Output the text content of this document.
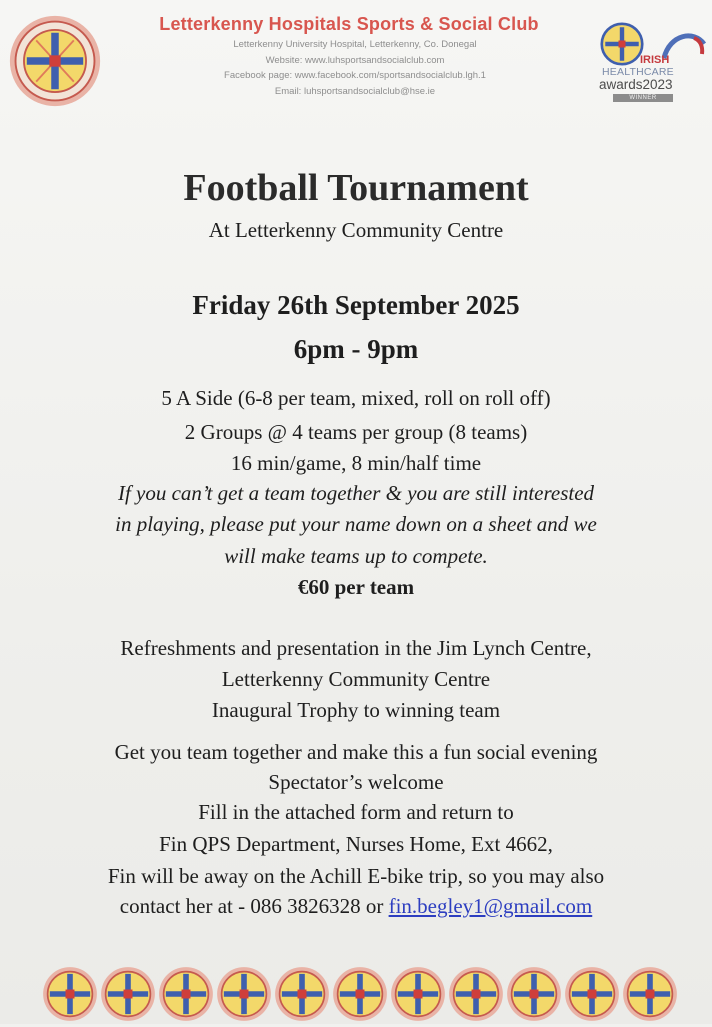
Letterkenny Hospitals Sports & Social Club
Letterkenny University Hospital, Letterkenny, Co. Donegal
Website: www.luhsportsandsocialclub.com
Facebook page: www.facebook.com/sportsandsocialclub.lgh.1
Email: luhsportsandsocialclub@hse.ie
IRISH
HEALTHCARE
awards2023
WINNER
Football Tournament
At Letterkenny Community Centre
Friday 26th September 2025
6pm - 9pm
5 A Side (6-8 per team, mixed, roll on roll off)
2 Groups @ 4 teams per group (8 teams)
16 min/game, 8 min/half time
If you can’t get a team together & you are still interested
in playing, please put your name down on a sheet and we
will make teams up to compete.
€60 per team
Refreshments and presentation in the Jim Lynch Centre,
Letterkenny Community Centre
Inaugural Trophy to winning team
Get you team together and make this a fun social evening
Spectator’s welcome
Fill in the attached form and return to
Fin QPS Department, Nurses Home, Ext 4662,
Fin will be away on the Achill E-bike trip, so you may also
contact her at - 086 3826328 or fin.begley1@gmail.com
